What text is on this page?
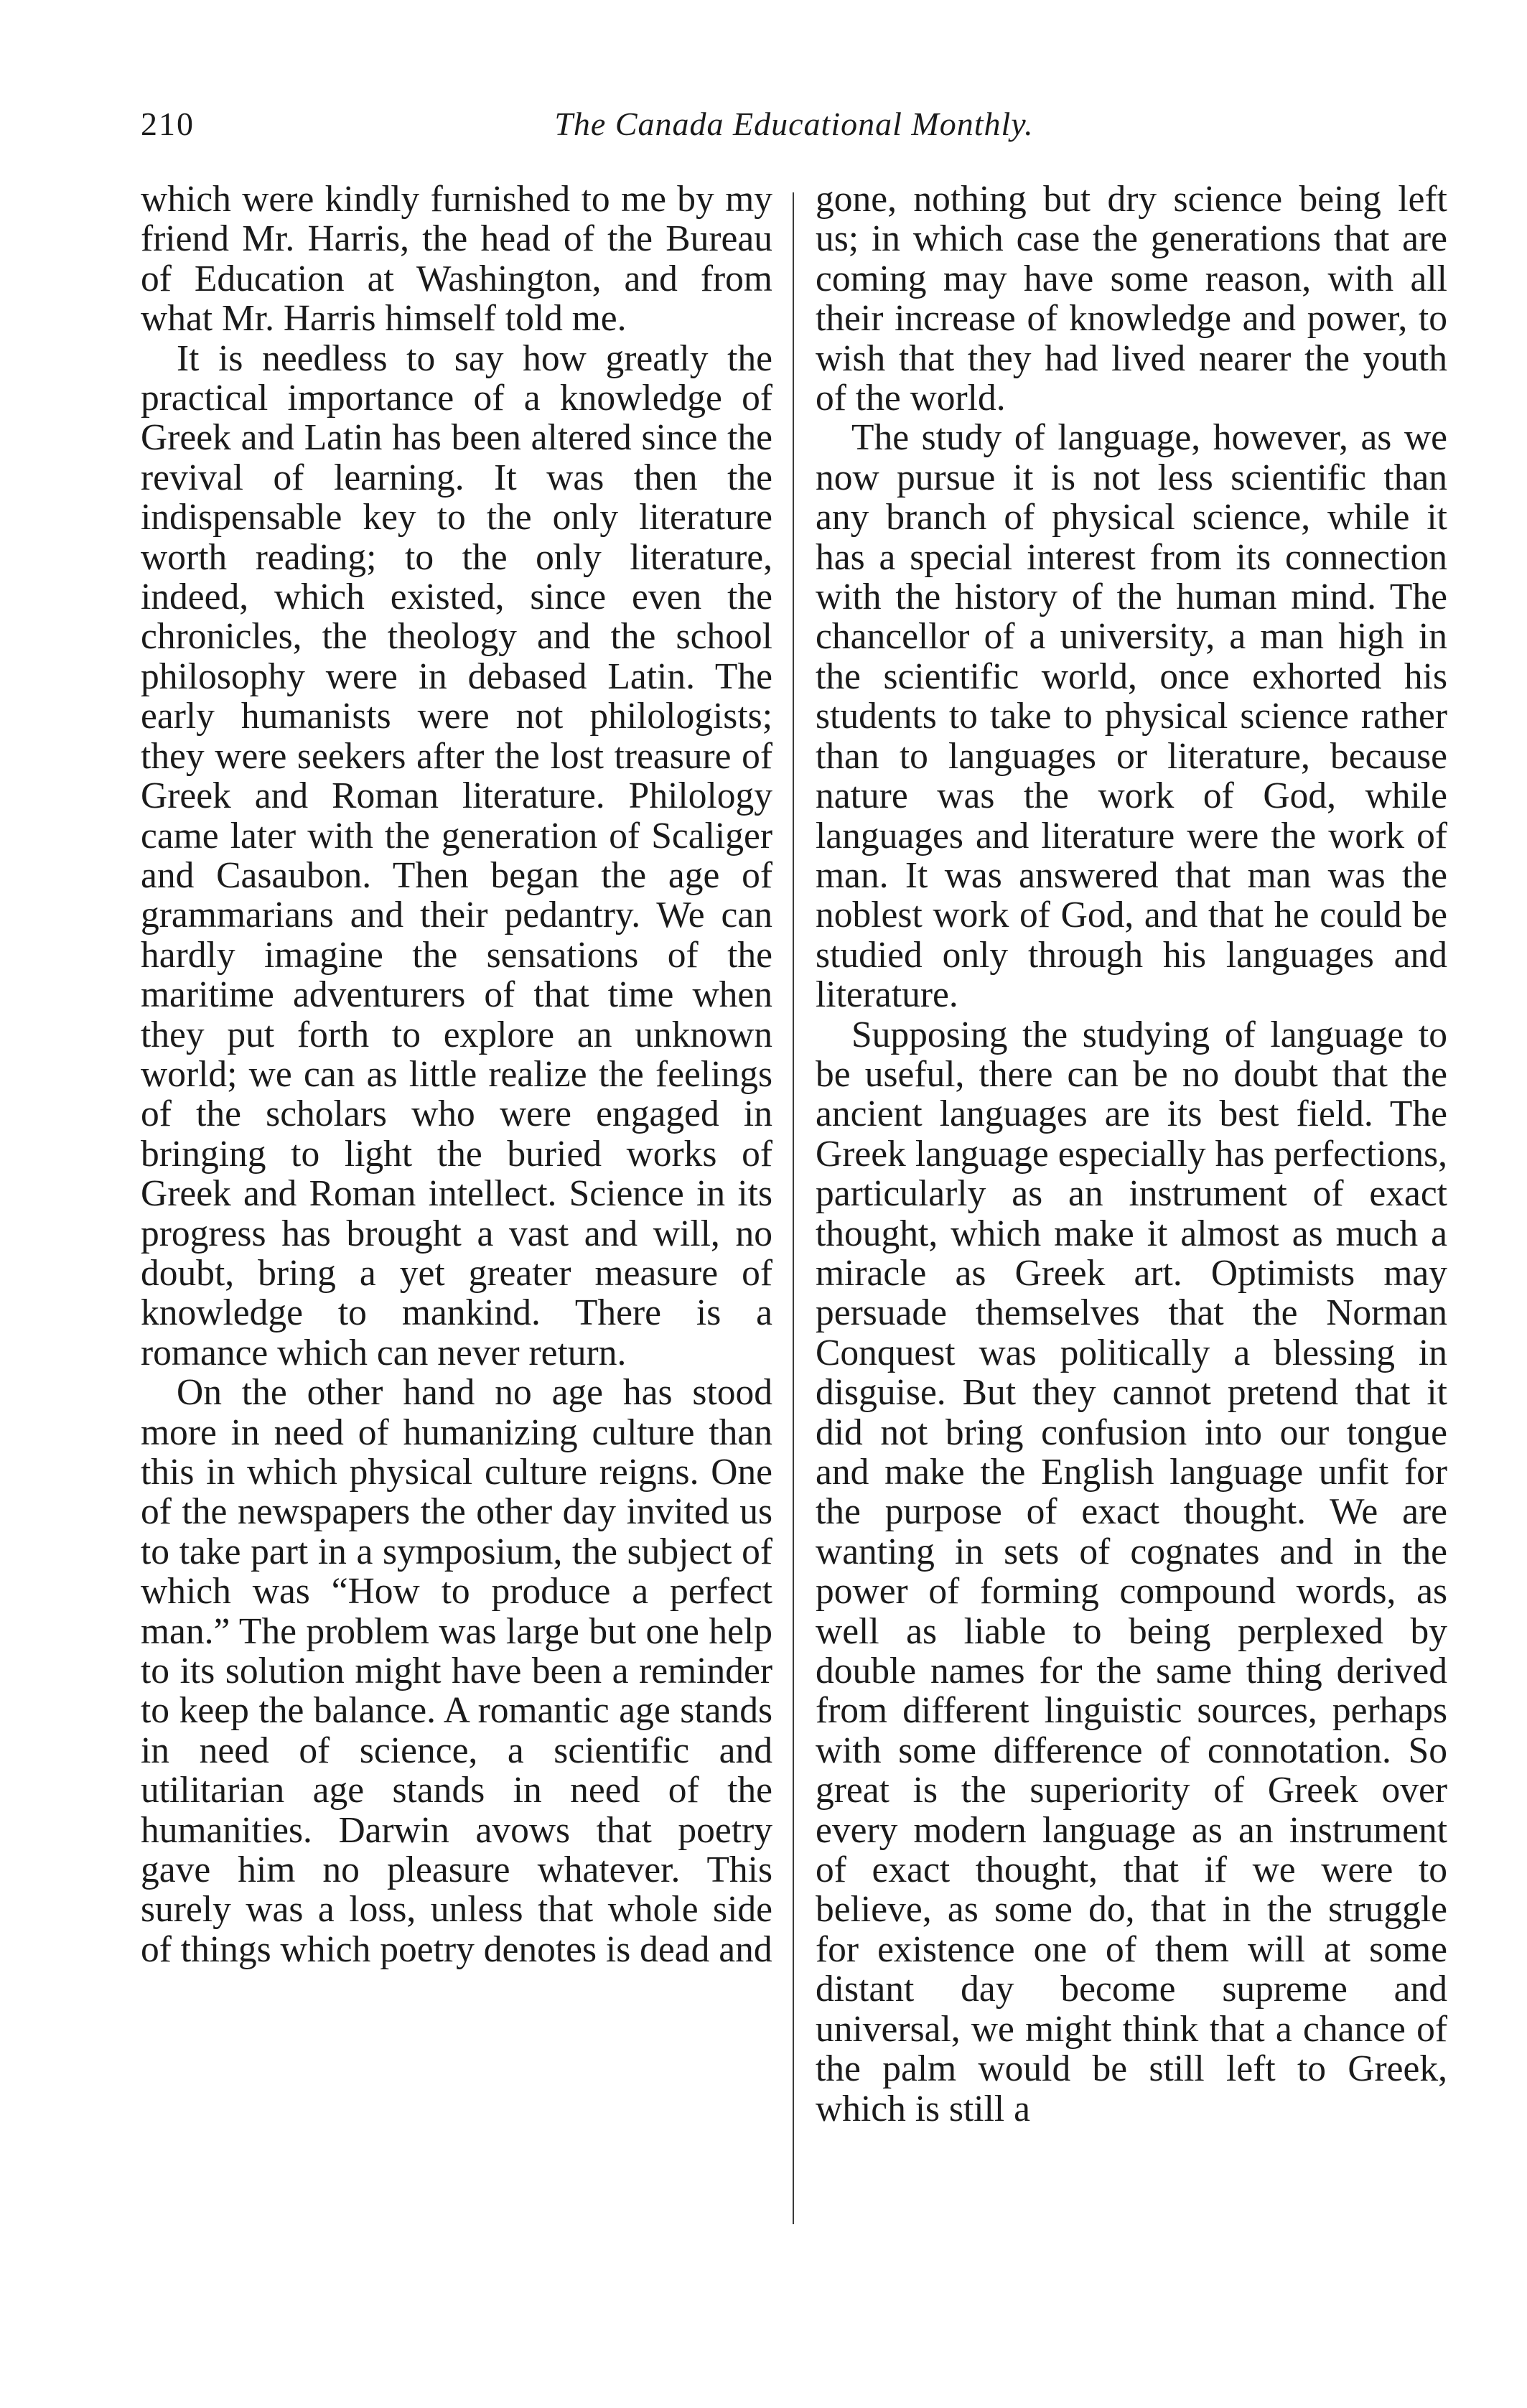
210	The Canada Educational Monthly.

which were kindly furnished to me by my friend Mr. Harris, the head of the Bureau of Education at Washington, and from what Mr. Harris himself told me.

It is needless to say how greatly the practical importance of a knowledge of Greek and Latin has been altered since the revival of learning. It was then the indispensable key to the only literature worth reading; to the only literature, indeed, which existed, since even the chronicles, the theology and the school philosophy were in debased Latin. The early humanists were not philologists; they were seekers after the lost treasure of Greek and Roman literature. Philology came later with the generation of Scaliger and Casaubon. Then began the age of grammarians and their pedantry. We can hardly imagine the sensations of the maritime adventurers of that time when they put forth to explore an unknown world; we can as little realize the feelings of the scholars who were engaged in bringing to light the buried works of Greek and Roman intellect. Science in its progress has brought a vast and will, no doubt, bring a yet greater measure of knowledge to mankind. There is a romance which can never return.

On the other hand no age has stood more in need of humanizing culture than this in which physical culture reigns. One of the newspapers the other day invited us to take part in a symposium, the subject of which was “How to produce a perfect man.” The problem was large but one help to its solution might have been a reminder to keep the balance. A romantic age stands in need of science, a scientific and utilitarian age stands in need of the humanities. Darwin avows that poetry gave him no pleasure whatever. This surely was a loss, unless that whole side of things which poetry denotes is dead and

gone, nothing but dry science being left us; in which case the generations that are coming may have some reason, with all their increase of knowledge and power, to wish that they had lived nearer the youth of the world.

The study of language, however, as we now pursue it is not less scientific than any branch of physical science, while it has a special interest from its connection with the history of the human mind. The chancellor of a university, a man high in the scientific world, once exhorted his students to take to physical science rather than to languages or literature, because nature was the work of God, while languages and literature were the work of man. It was answered that man was the noblest work of God, and that he could be studied only through his languages and literature.

Supposing the studying of language to be useful, there can be no doubt that the ancient languages are its best field. The Greek language especially has perfections, particularly as an instrument of exact thought, which make it almost as much a miracle as Greek art. Optimists may persuade themselves that the Norman Conquest was politically a blessing in disguise. But they cannot pretend that it did not bring confusion into our tongue and make the English language unfit for the purpose of exact thought. We are wanting in sets of cognates and in the power of forming compound words, as well as liable to being perplexed by double names for the same thing derived from different linguistic sources, perhaps with some difference of connotation. So great is the superiority of Greek over every modern language as an instrument of exact thought, that if we were to believe, as some do, that in the struggle for existence one of them will at some distant day become supreme and universal, we might think that a chance of the palm would be still left to Greek, which is still a
